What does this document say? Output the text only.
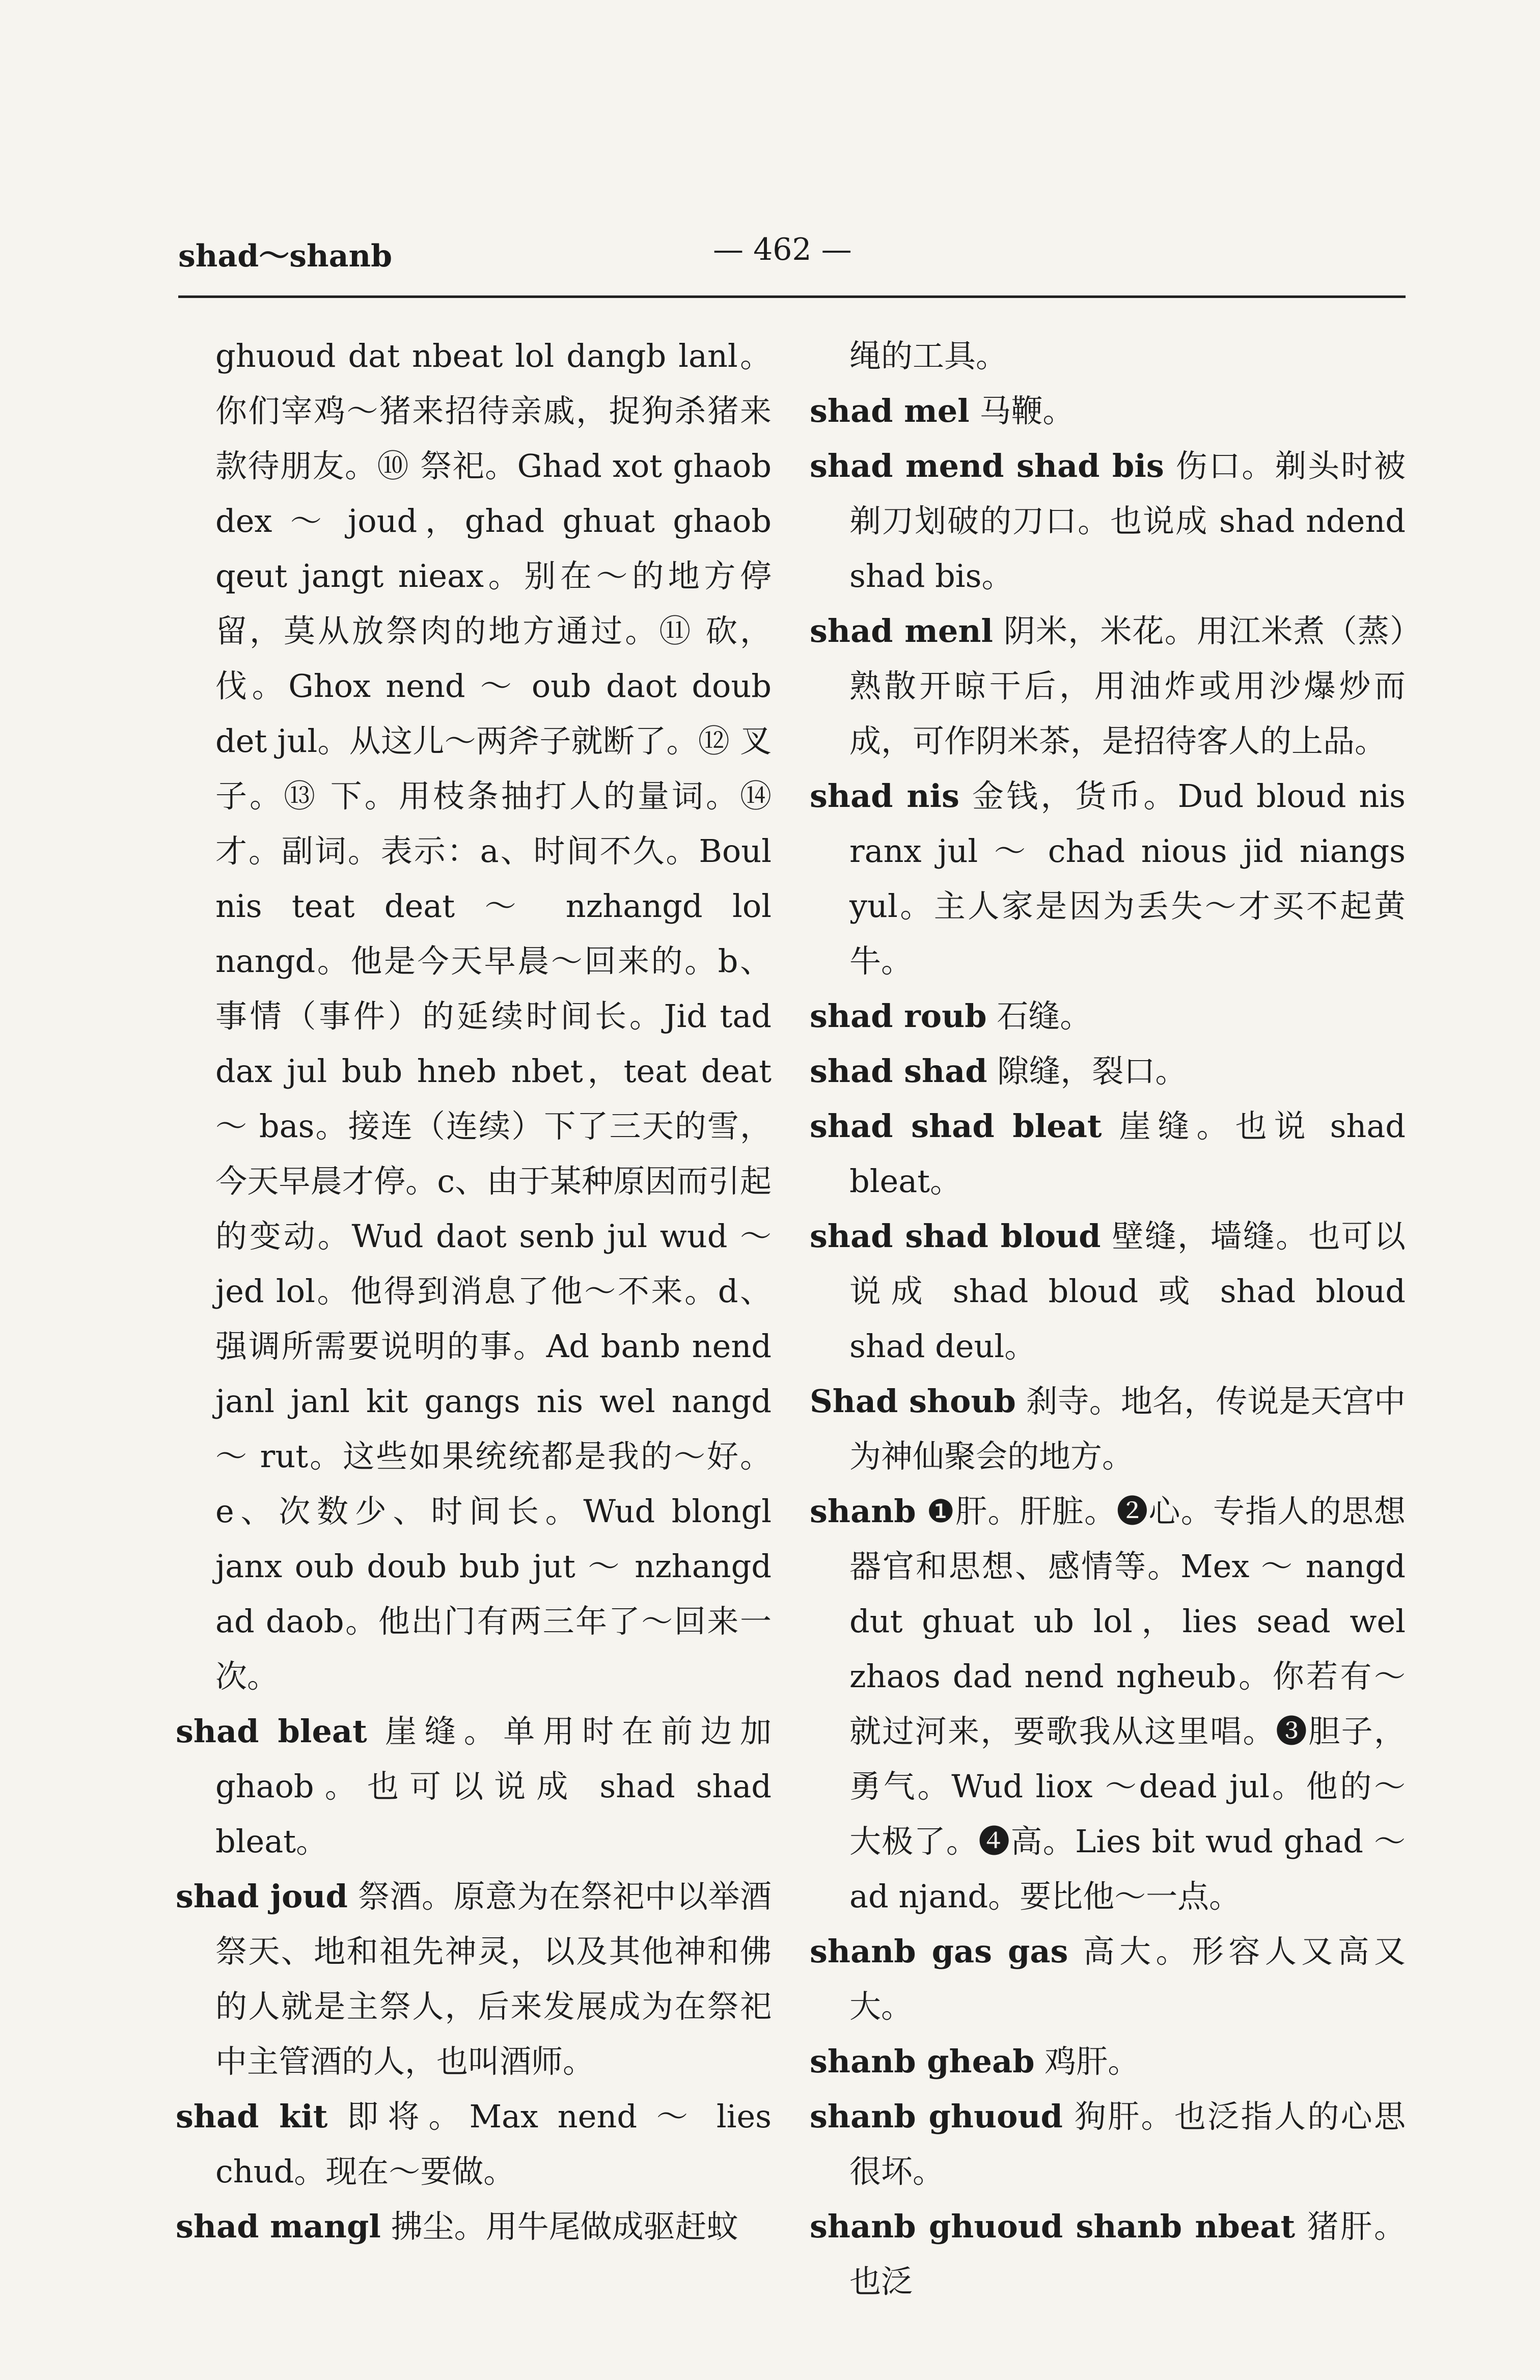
shad～shanb	— 462 —

ghuoud dat nbeat lol dangb lanl。你们宰鸡～猪来招待亲戚，捉狗杀猪来款待朋友。⑩ 祭祀。Ghad xot ghaob dex ～ joud，ghad ghuat ghaob qeut jangt nieax。别在～的地方停留，莫从放祭肉的地方通过。⑪ 砍，伐。Ghox nend ～ oub daot doub det jul。从这儿～两斧子就断了。⑫ 叉子。⑬ 下。用枝条抽打人的量词。⑭ 才。副词。表示：a、时间不久。Boul nis teat deat ～ nzhangd lol nangd。他是今天早晨～回来的。b、事情（事件）的延续时间长。Jid tad dax jul bub hneb nbet，teat deat ～ bas。接连（连续）下了三天的雪，今天早晨才停。c、由于某种原因而引起的变动。Wud daot senb jul wud ～ jed lol。他得到消息了他～不来。d、强调所需要说明的事。Ad banb nend janl janl kit gangs nis wel nangd ～ rut。这些如果统统都是我的～好。e、次数少、时间长。Wud blongl janx oub doub bub jut ～ nzhangd ad daob。他出门有两三年了～回来一次。

shad bleat 崖缝。单用时在前边加 ghaob。也可以说成 shad shad bleat。

shad joud 祭酒。原意为在祭祀中以举酒祭天、地和祖先神灵，以及其他神和佛的人就是主祭人，后来发展成为在祭祀中主管酒的人，也叫酒师。

shad kit 即将。Max nend ～ lies chud。现在～要做。

shad mangl 拂尘。用牛尾做成驱赶蚊

绳的工具。

shad mel 马鞭。

shad mend shad bis 伤口。剃头时被剃刀划破的刀口。也说成 shad ndend shad bis。

shad menl 阴米，米花。用江米煮（蒸）熟散开晾干后，用油炸或用沙爆炒而成，可作阴米茶，是招待客人的上品。

shad nis 金钱，货币。Dud bloud nis ranx jul ～ chad nious jid niangs yul。主人家是因为丢失～才买不起黄牛。

shad roub 石缝。

shad shad 隙缝，裂口。

shad shad bleat 崖缝。也说 shad bleat。

shad shad bloud 壁缝，墙缝。也可以说成 shad bloud 或 shad bloud shad deul。

Shad shoub 刹寺。地名，传说是天宫中为神仙聚会的地方。

shanb ❶肝。肝脏。❷心。专指人的思想器官和思想、感情等。Mex ～ nangd dut ghuat ub lol，lies sead wel zhaos dad nend ngheub。你若有～就过河来，要歌我从这里唱。❸胆子，勇气。Wud liox ～dead jul。他的～大极了。❹高。Lies bit wud ghad ～ ad njand。要比他～一点。

shanb gas gas 高大。形容人又高又大。

shanb gheab 鸡肝。

shanb ghuoud 狗肝。也泛指人的心思很坏。

shanb ghuoud shanb nbeat 猪肝。也泛
